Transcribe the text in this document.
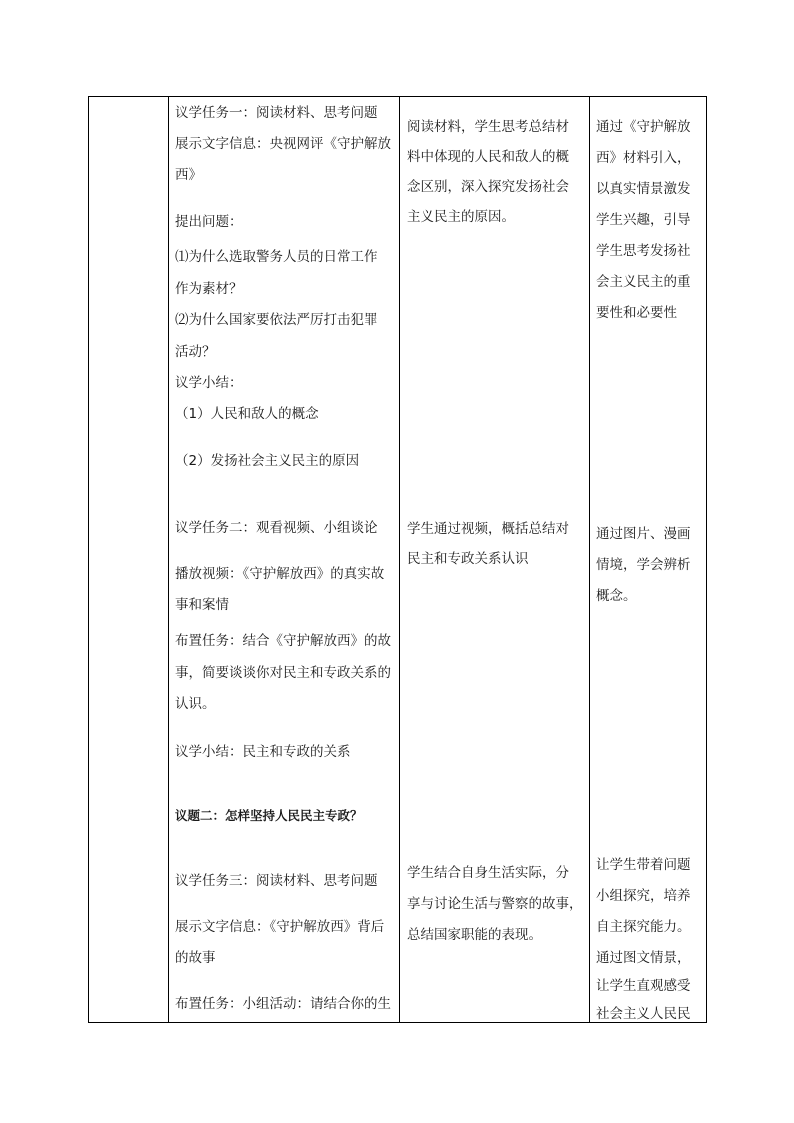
议学任务一：阅读材料、思考问题
展示文字信息：央视网评《守护解放
西》
提出问题：
⑴为什么选取警务人员的日常工作
作为素材？
⑵为什么国家要依法严厉打击犯罪
活动？
议学小结：
（1）人民和敌人的概念
（2）发扬社会主义民主的原因
议学任务二：观看视频、小组谈论
播放视频：《守护解放西》的真实故
事和案情
布置任务：结合《守护解放西》的故
事，简要谈谈你对民主和专政关系的
认识。
议学小结：民主和专政的关系
议题二：怎样坚持人民民主专政？
议学任务三：阅读材料、思考问题
展示文字信息：《守护解放西》背后
的故事
布置任务：小组活动：请结合你的生
阅读材料，学生思考总结材
料中体现的人民和敌人的概
念区别，深入探究发扬社会
主义民主的原因。
学生通过视频，概括总结对
民主和专政关系认识
学生结合自身生活实际，分
享与讨论生活与警察的故事，
总结国家职能的表现。
通过《守护解放
西》材料引入，
以真实情景激发
学生兴趣，引导
学生思考发扬社
会主义民主的重
要性和必要性
通过图片、漫画
情境，学会辨析
概念。
让学生带着问题
小组探究，培养
自主探究能力。
通过图文情景，
让学生直观感受
社会主义人民民
